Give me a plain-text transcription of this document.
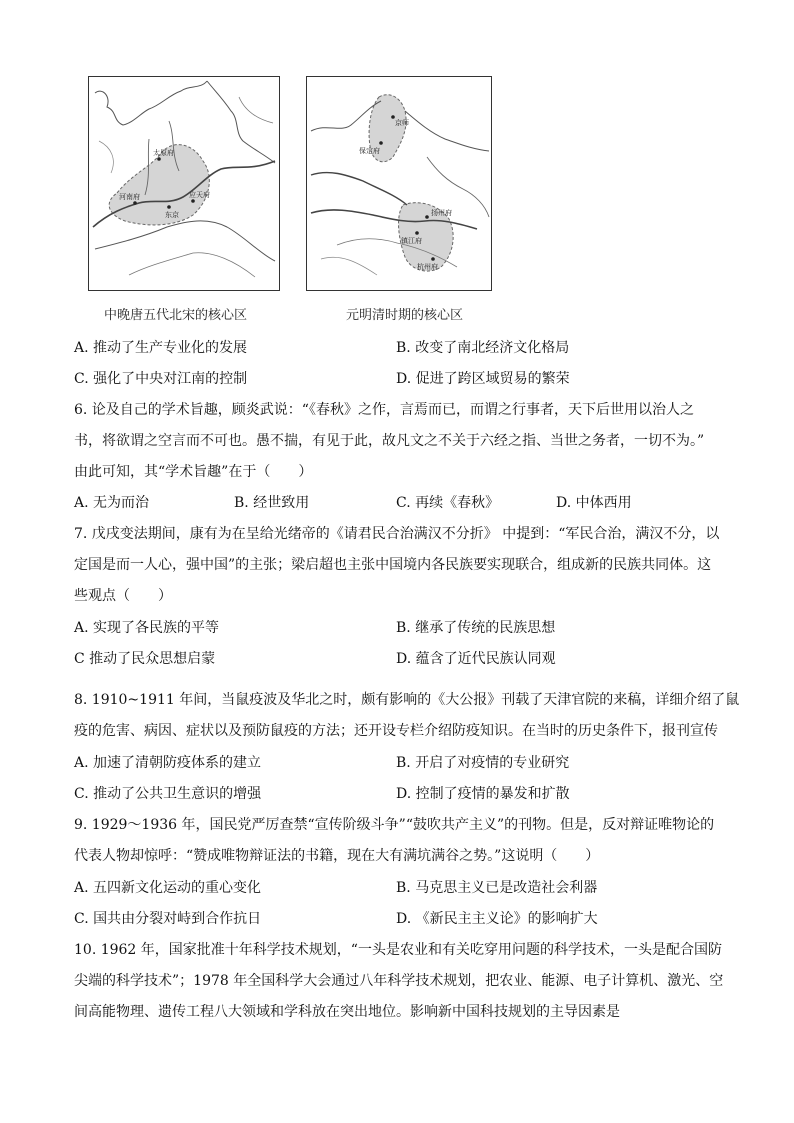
太原府
河南府
东京
应天府
中晚唐五代北宋的核心区
京师
保定府
扬州府
镇江府
杭州府
元明清时期的核心区
A. 推动了生产专业化的发展	B. 改变了南北经济文化格局
C. 强化了中央对江南的控制	D. 促进了跨区域贸易的繁荣
6. 论及自己的学术旨趣，顾炎武说：“《春秋》之作，言焉而已，而谓之行事者，天下后世用以治人之
书，将欲谓之空言而不可也。愚不揣，有见于此，故凡文之不关于六经之指、当世之务者，一切不为。”
由此可知，其“学术旨趣”在于（　　）
A. 无为而治	B. 经世致用	C. 再续《春秋》	D. 中体西用
7. 戊戌变法期间，康有为在呈给光绪帝的《请君民合治满汉不分折》 中提到：“军民合治，满汉不分，以
定国是而一人心，强中国”的主张；梁启超也主张中国境内各民族要实现联合，组成新的民族共同体。这
些观点（　　）
A. 实现了各民族的平等	B. 继承了传统的民族思想
C 推动了民众思想启蒙	D. 蕴含了近代民族认同观
8. 1910~1911 年间，当鼠疫波及华北之时，颇有影响的《大公报》刊载了天津官院的来稿，详细介绍了鼠
疫的危害、病因、症状以及预防鼠疫的方法；还开设专栏介绍防疫知识。在当时的历史条件下，报刊宣传
A. 加速了清朝防疫体系的建立	B. 开启了对疫情的专业研究
C. 推动了公共卫生意识的增强	D. 控制了疫情的暴发和扩散
9. 1929～1936 年，国民党严厉查禁“宣传阶级斗争”“鼓吹共产主义”的刊物。但是，反对辩证唯物论的
代表人物却惊呼：“赞成唯物辩证法的书籍，现在大有满坑满谷之势。”这说明（　　）
A. 五四新文化运动的重心变化	B. 马克思主义已是改造社会利器
C. 国共由分裂对峙到合作抗日	D. 《新民主主义论》的影响扩大
10. 1962 年，国家批准十年科学技术规划，“一头是农业和有关吃穿用问题的科学技术，一头是配合国防
尖端的科学技术”；1978 年全国科学大会通过八年科学技术规划，把农业、能源、电子计算机、激光、空
间高能物理、遗传工程八大领域和学科放在突出地位。影响新中国科技规划的主导因素是
